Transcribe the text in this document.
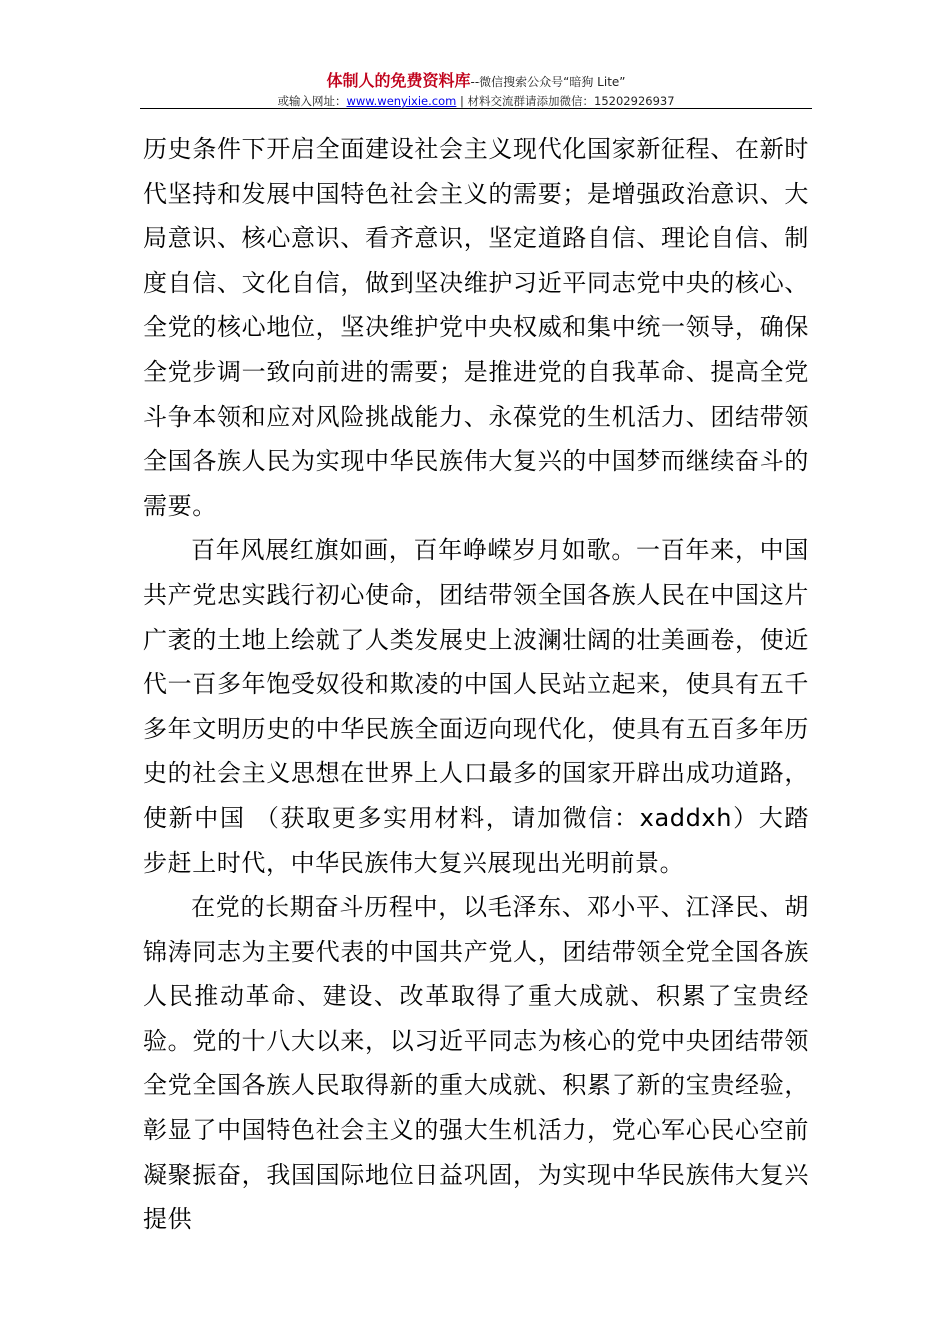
体制人的免费资料库--微信搜索公众号“暗狗 Lite”
或输入网址：www.wenyixie.com | 材料交流群请添加微信：15202926937

历史条件下开启全面建设社会主义现代化国家新征程、在新时代坚持和发展中国特色社会主义的需要；是增强政治意识、大局意识、核心意识、看齐意识，坚定道路自信、理论自信、制度自信、文化自信，做到坚决维护习近平同志党中央的核心、全党的核心地位，坚决维护党中央权威和集中统一领导，确保全党步调一致向前进的需要；是推进党的自我革命、提高全党斗争本领和应对风险挑战能力、永葆党的生机活力、团结带领全国各族人民为实现中华民族伟大复兴的中国梦而继续奋斗的需要。

百年风展红旗如画，百年峥嵘岁月如歌。一百年来，中国共产党忠实践行初心使命，团结带领全国各族人民在中国这片广袤的土地上绘就了人类发展史上波澜壮阔的壮美画卷，使近代一百多年饱受奴役和欺凌的中国人民站立起来，使具有五千多年文明历史的中华民族全面迈向现代化，使具有五百多年历史的社会主义思想在世界上人口最多的国家开辟出成功道路，使新中国 （获取更多实用材料，请加微信：xaddxh）大踏步赶上时代，中华民族伟大复兴展现出光明前景。

在党的长期奋斗历程中，以毛泽东、邓小平、江泽民、胡锦涛同志为主要代表的中国共产党人，团结带领全党全国各族人民推动革命、建设、改革取得了重大成就、积累了宝贵经验。党的十八大以来，以习近平同志为核心的党中央团结带领全党全国各族人民取得新的重大成就、积累了新的宝贵经验，彰显了中国特色社会主义的强大生机活力，党心军心民心空前凝聚振奋，我国国际地位日益巩固，为实现中华民族伟大复兴提供
